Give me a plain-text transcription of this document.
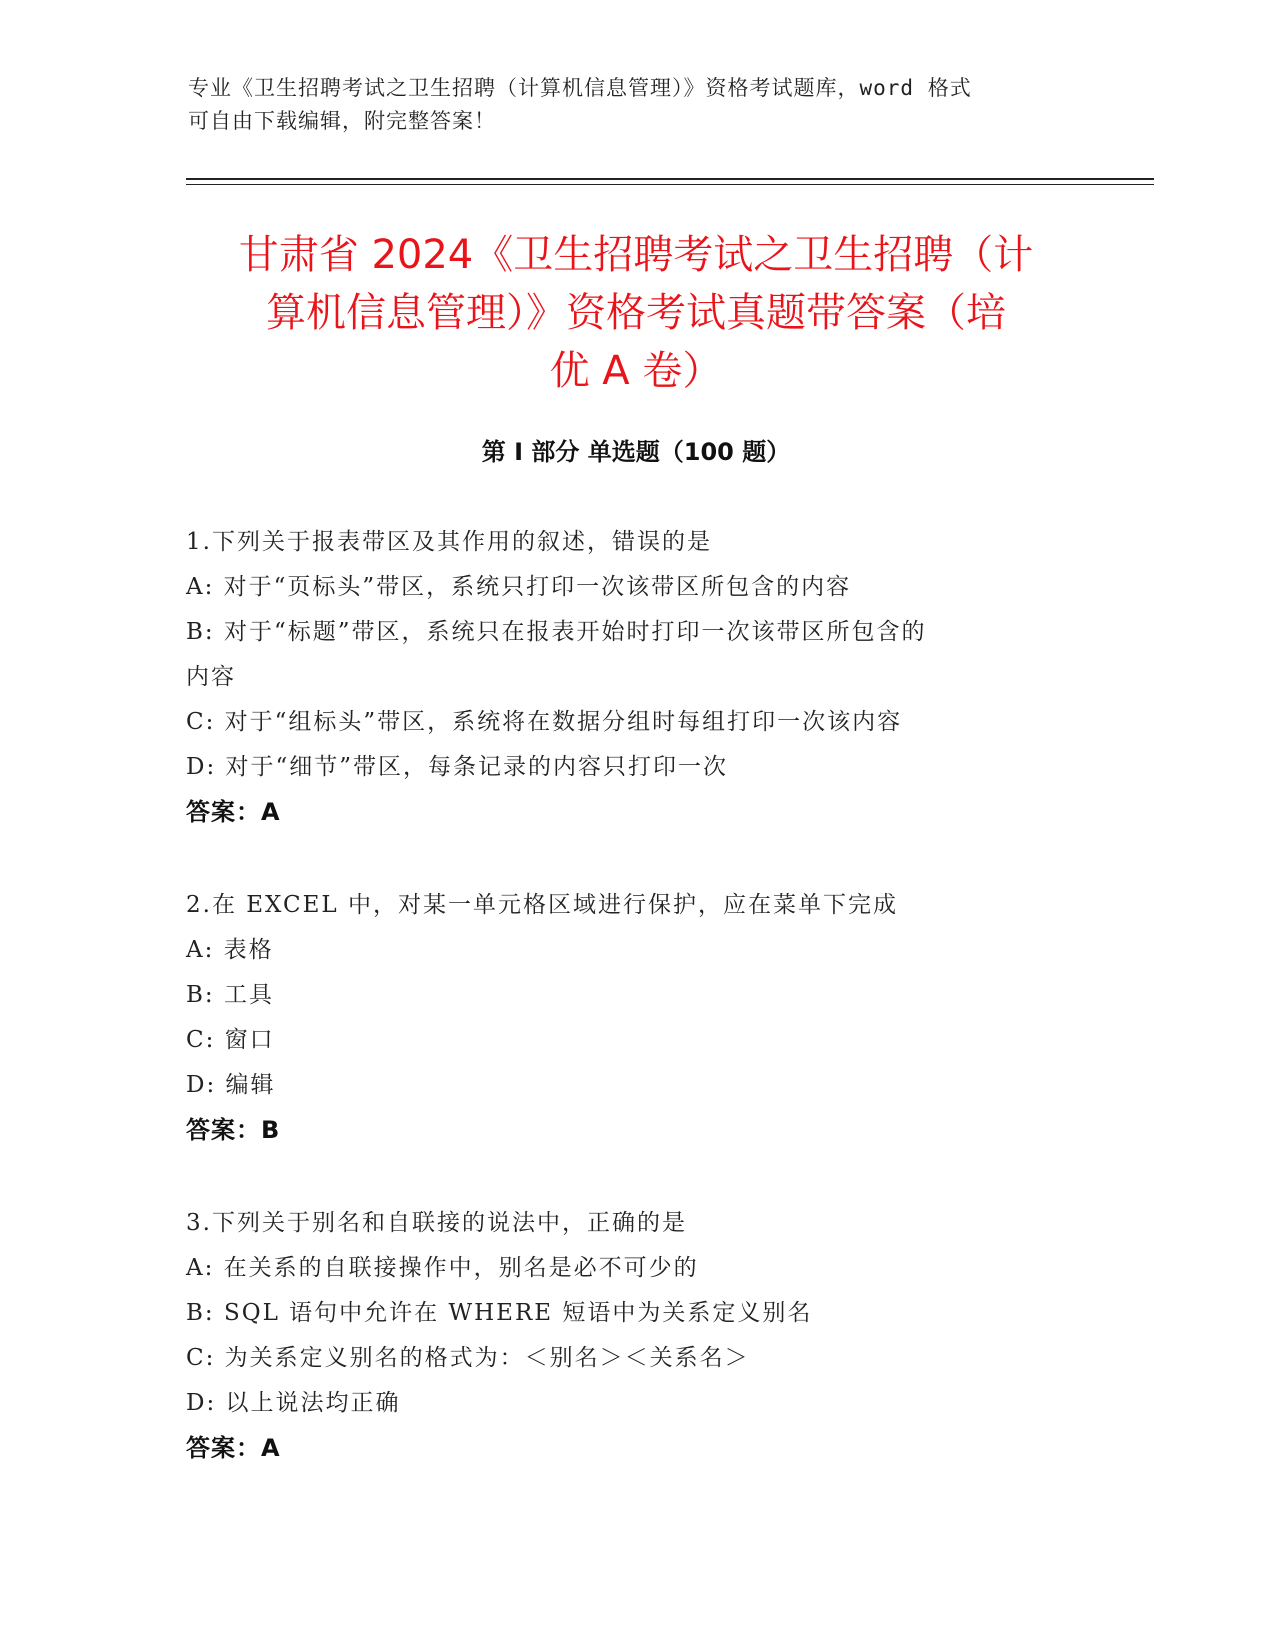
专业《卫生招聘考试之卫生招聘（计算机信息管理）》资格考试题库，word 格式
可自由下载编辑，附完整答案！
甘肃省 2024《卫生招聘考试之卫生招聘（计
算机信息管理）》资格考试真题带答案（培
优 A 卷）
第 I 部分 单选题（100 题）
1.下列关于报表带区及其作用的叙述，错误的是
A: 对于“页标头”带区，系统只打印一次该带区所包含的内容
B: 对于“标题”带区，系统只在报表开始时打印一次该带区所包含的
内容
C: 对于“组标头”带区，系统将在数据分组时每组打印一次该内容
D: 对于“细节”带区，每条记录的内容只打印一次
答案：A
2.在 EXCEL 中，对某一单元格区域进行保护，应在菜单下完成
A: 表格
B: 工具
C: 窗口
D: 编辑
答案：B
3.下列关于别名和自联接的说法中，正确的是
A: 在关系的自联接操作中，别名是必不可少的
B: SQL 语句中允许在 WHERE 短语中为关系定义别名
C: 为关系定义别名的格式为：＜别名＞＜关系名＞
D: 以上说法均正确
答案：A
